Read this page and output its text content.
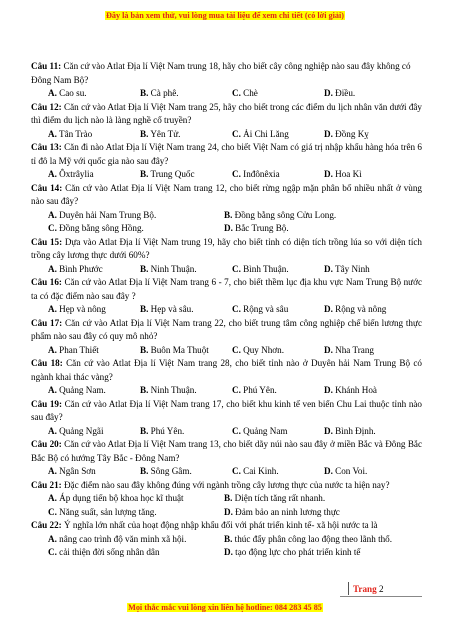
Đây là bản xem thử, vui lòng mua tài liệu để xem chi tiết (có lời giải)
Câu 11: Căn cứ vào Atlat Địa lí Việt Nam trung 18, hãy cho biết cây công nghiệp nào sau đây không có
Đông Nam Bộ?
A. Cao su.	B. Cà phê.	C. Chè	D. Điều.
Câu 12: Căn cứ vào Atlat Địa lí Việt Nam trang 25, hãy cho biết trong các điểm du lịch nhân văn dưới đây thì điểm du lịch nào là làng nghề cổ truyền?
A. Tân Trào	B. Yên Tử.	C. Ải Chi Lăng	D. Đồng Kỵ
Câu 13: Căn đi nào Atlat Địa lí Việt Nam trang 24, cho biết Việt Nam có giá trị nhập khẩu hàng hóa trên 6 tỉ đô la Mỹ với quốc gia nào sau đây?
A. Ôxtrâylia	B. Trung Quốc	C. Inđônêxia	D. Hoa Kì
Câu 14: Căn cứ vào Atlat Địa lí Việt Nam trang 12, cho biết rừng ngập mặn phân bố nhiều nhất ở vùng nào sau đây?
A. Duyên hải Nam Trung Bộ.	B. Đồng bằng sông Cửu Long.
C. Đồng bằng sông Hồng.	D. Bắc Trung Bộ.
Câu 15: Dựa vào Atlat Địa lí Việt Nam trung 19, hãy cho biết tỉnh có diện tích trồng lúa so với diện tích trồng cây lương thực dưới 60%?
A. Bình Phước	B. Ninh Thuận.	C. Bình Thuận.	D. Tây Ninh
Câu 16: Căn cứ vào Atlat Địa lí Việt Nam trang 6 - 7, cho biết thềm lục địa khu vực Nam Trung Bộ nước ta có đặc điểm nào sau đây ?
A. Hẹp và nông	B. Hẹp và sâu.	C. Rộng và sâu	D. Rộng và nông
Câu 17: Căn cứ vào Atlat Địa lí Việt Nam trang 22, cho biết trung tâm công nghiệp chế biến lương thực phẩm nào sau đây có quy mô nhỏ?
A. Phan Thiết	B. Buôn Ma Thuột	C. Quy Nhơn.	D. Nha Trang
Câu 18: Căn cứ vào Atlat Địa lí Việt Nam trang 28, cho biết tỉnh nào ở Duyên hải Nam Trung Bộ có ngành khai thác vàng?
A. Quảng Nam.	B. Ninh Thuận.	C. Phú Yên.	D. Khánh Hoà
Câu 19: Căn cứ vào Atlat Địa lí Việt Nam trang 17, cho biết khu kinh tế ven biển Chu Lai thuộc tỉnh nào sau đây?
A. Quảng Ngãi	B. Phú Yên.	C. Quảng Nam	D. Bình Định.
Câu 20: Căn cứ vào Atlat Địa lí Việt Nam trang 13, cho biết dãy núi nào sau đây ở miền Bắc và Đông Bắc Bắc Bộ có hướng Tây Bắc - Đông Nam?
A. Ngân Sơn	B. Sông Gâm.	C. Cai Kinh.	D. Con Voi.
Câu 21: Đặc điểm nào sau đây không đúng với ngành trồng cây lương thực của nước ta hiện nay?
A. Áp dụng tiến bộ khoa học kĩ thuật	B. Diện tích tăng rất nhanh.
C. Năng suất, sản lượng tăng.	D. Đảm bảo an ninh lương thực
Câu 22: Ý nghĩa lớn nhất của hoạt động nhập khẩu đối với phát triển kinh tế- xã hội nước ta là
A. nâng cao trình độ văn minh xã hội.	B. thúc đẩy phân công lao động theo lãnh thổ.
C. cải thiện đời sống nhân dân	D. tạo động lực cho phát triển kinh tế
Trang 2
Mọi thắc mắc vui lòng xin liên hệ hotline: 084 283 45 85
